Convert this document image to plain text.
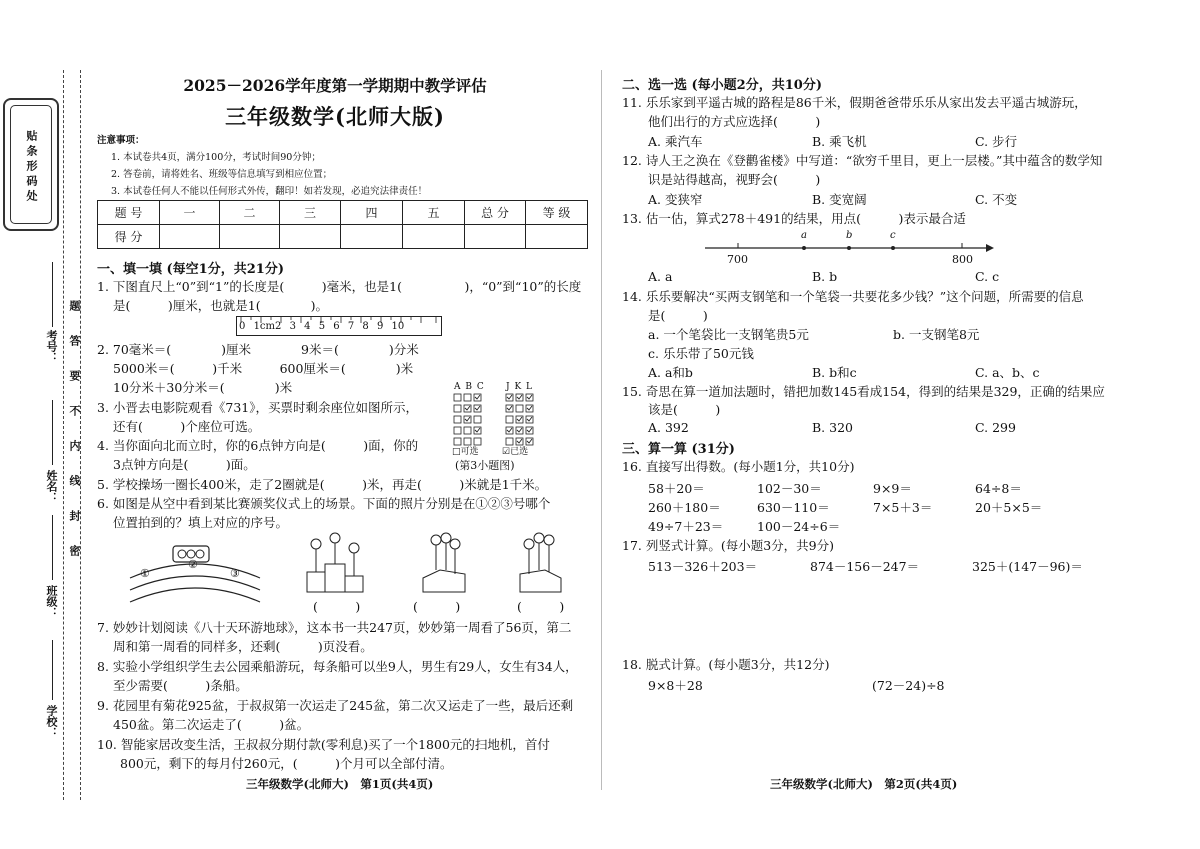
贴条形码处
考号：
姓名：
班级：
学校：
题
答
要
不
内
线
封
密
2025－2026学年度第一学期期中教学评估
三年级数学(北师大版)
注意事项：
1. 本试卷共4页，满分100分，考试时间90分钟；
2. 答卷前，请将姓名、班级等信息填写到相应位置；
3. 本试卷任何人不能以任何形式外传，翻印！如若发现，必追究法律责任！
题 号	一	二	三	四	五	总 分	等 级
得 分							
一、填一填 (每空1分，共21分)
1. 下图直尺上“0”到“1”的长度是(　　　)毫米，也是1(　　　　　)，“0”到“10”的长度
是(　　　)厘米，也就是1(　　　　)。
0 1cm2 3 4 5 6 7 8 9 10
2. 70毫米＝(　　　　)厘米　　　　9米＝(　　　　)分米
5000米＝(　　　)千米　　　600厘米＝(　　　　)米
10分米＋30分米＝(　　　　)米
3. 小晋去电影院观看《731》，买票时剩余座位如图所示，
还有(　　　)个座位可选。
4. 当你面向北而立时，你的6点钟方向是(　　　)面，你的
3点钟方向是(　　　)面。
A B C J K L
□可选	☑已选
(第3小题图)
5. 学校操场一圈长400米，走了2圈就是(　　　)米，再走(　　　)米就是1千米。
6. 如图是从空中看到某比赛颁奖仪式上的场景。下面的照片分别是在①②③号哪个
位置拍到的？填上对应的序号。
①
②
③
(　　　)	(　　　)	(　　　)
7. 妙妙计划阅读《八十天环游地球》，这本书一共247页，妙妙第一周看了56页，第二
周和第一周看的同样多，还剩(　　　)页没看。
8. 实验小学组织学生去公园乘船游玩，每条船可以坐9人，男生有29人，女生有34人，
至少需要(　　　)条船。
9. 花园里有菊花925盆，于叔叔第一次运走了245盆，第二次又运走了一些，最后还剩
450盆。第二次运走了(　　　)盆。
10. 智能家居改变生活，王叔叔分期付款(零利息)买了一个1800元的扫地机，首付
800元，剩下的每月付260元，(　　　)个月可以全部付清。
三年级数学(北师大)　第1页(共4页)
二、选一选 (每小题2分，共10分)
11. 乐乐家到平遥古城的路程是86千米，假期爸爸带乐乐从家出发去平遥古城游玩，
他们出行的方式应选择(　　　)
A. 乘汽车	B. 乘飞机	C. 步行
12. 诗人王之涣在《登鹳雀楼》中写道：“欲穷千里目，更上一层楼。”其中蕴含的数学知
识是站得越高，视野会(　　　)
A. 变狭窄	B. 变宽阔	C. 不变
13. 估一估，算式278＋491的结果，用点(　　　)表示最合适
a	b	c
700	800
A. a	B. b	C. c
14. 乐乐要解决“买两支钢笔和一个笔袋一共要花多少钱？”这个问题，所需要的信息
是(　　　)
a. 一个笔袋比一支钢笔贵5元	b. 一支钢笔8元
c. 乐乐带了50元钱
A. a和b	B. b和c	C. a、b、c
15. 奇思在算一道加法题时，错把加数145看成154，得到的结果是329，正确的结果应
该是(　　　)
A. 392	B. 320	C. 299
三、算一算 (31分)
16. 直接写出得数。(每小题1分，共10分)
58＋20＝	102－30＝	9×9＝	64÷8＝
260＋180＝	630－110＝	7×5＋3＝	20＋5×5＝
49÷7＋23＝	100－24÷6＝
17. 列竖式计算。(每小题3分，共9分)
513－326＋203＝	874－156－247＝	325＋(147－96)＝
18. 脱式计算。(每小题3分，共12分)
9×8＋28	(72－24)÷8
三年级数学(北师大)　第2页(共4页)
